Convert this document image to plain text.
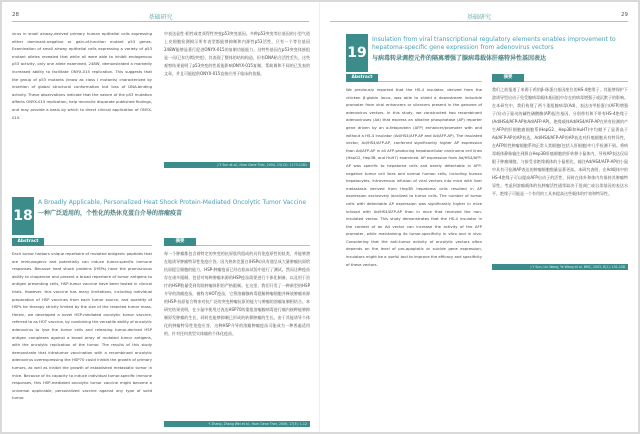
28	基础研究
virus in small airway-derived primary human epithelial cells expressing either dominant-negative or gain-of-function mutant p53 genes. Examination of small airway epithelial cells expressing a variety of p53 mutant alleles revealed that while all were able to inhibit endogenous p53 activity, only one allele examined, 248W, demonstrated a markedly increased ability to facilitate ONYX-015 replication. This suggests that the group of p53 mutants (know as class I mutants) characterized by insertion of global structural conformation but loss of DNA-binding activity. These observations indicate that the nature of the p53 mutation affects ONYX-015 replication, help reconcile disparate published findings, and may provide a basis by which to direct clinical application of ONYX-015.
中表达显性-阴性或者获得性突变p53突变基因。多种p53突变等位基因的小型气道上皮细胞检测揭示所有表型都能够抑制和内源性p53活性，只有一个等位基因248W能够显著行促进ONYX-015的复制功能能力。这特些基因在p53突变体族组是一员(已知为I级突变)，其表现了整体的结构构造，但有DNA粘合活性丢失。这些观察结果说明了p53突变的性质能影响ONYX-015复制，帮助调和不同的已发表的文章，并且可能提供ONYX-015直接应用于临床的依据。
J Y Sun et al., Hum Gene Ther, 2004, 15(12): 1173-1181
18
A Broadly Applicable, Personalized Heat Shock Protein-Mediated Oncolytic Tumor Vaccine
一种广泛适用的，个性化的热休克蛋白介导的溶瘤疫苗
Abstract	摘要
Each tumor harbors unique repertoire of mutated antigenic peptides that are immunogenic and potentially can induce tumor-specific immune responses. Because heat shock proteins (HSPs) have the promiscuous ability to chaperone and present a broad repertoire of tumor antigens to antigen presenting cells, HSP-tumor vaccine have been tested in clinical trials. However, this vaccine has many limitations, including individual preparation of HSP vaccines from each tumor source, and quantity of HSPs for therapy strictly limited by the size of the resected tumor mass. Herein, we developed a novel HSP-mediated oncolytic tumor vaccine, referred to as HOT vaccine, by combining the versatile ability of oncolytic adenovirus to lyse the tumor cells and releasing tumor-derived HSP antigen complexes against a broad array of mutated tumor antigens, with the oncolytic replication of the tumor. The results of this study demonstrate that intratumor vaccination with a recombinant oncolytic adenovirus overexpressing the HSP70 could inhibit the growth of primary tumors, as well as inhibit the growth of established metastatic tumor in mice. Because of its capacity to induce individual tumor-specific immune responses, this HSP-mediated oncolytic tumor vaccine might become a universal applicable, personalized vaccine against any type of solid tumor.
每一个肿瘤都包含着特定的突变的抗原肽所组成的具有免疫原性的肽类，并能够潜在地诱导肿瘤特异性免疫应答。因为热休克蛋白(HSPs)具有递呈成大量肿瘤抗原给抗原提呈细胞的能力，HSP-肿瘤疫苗已经在临床试验中进行了测试。然而这种疫苗存在诸多限制，包括对每种肿瘤来源的HSP疫苗需要进行个体化制备，以及用于治疗的HSP数量受到切除肿瘤体积的严格限制。在这里，我们开发了一种新型的HSP介导的溶瘤疫苗，被称为HOT疫苗，它将溶瘤腺病毒裂解肿瘤细胞并释放肿瘤来源的HSP-抗原复合物来对抗广泛的突变肿瘤抗原的能力与肿瘤的溶瘤复制相结合。本研究结果表明，在小鼠中使用过表达HSP70的重组溶瘤腺病毒进行瘤内接种能够抑制原发肿瘤的生长，同时也能够抑制已形成的转移肿瘤的生长。由于其能诱导个体化的肿瘤特异性免疫应答，这种HSP介导的溶瘤肿瘤疫苗可能成为一种普遍适用的、针对任何类型实体瘤的个体化疫苗。
Y Zhang, Zhang Wei et al., Hum Gene Ther, 2006, 17(3): 1-12
基础研究	29
19
Insulation from viral transcriptional regulatory elements enables improvement to hepatoma-specific gene expression from adenovirus vectors
与病毒转录调控元件的隔离增强了腺病毒载体肝癌特异性基因表达
Abstract	摘要
We previously reported that the HS-4 insulator, derived from the chicken β-globin locus, was able to shield a downstream inducible promoter from viral enhancers or silencers present in the genome of adenovirus vectors. In this study, we constructed two recombinant adenoviruses (Ad) that express an alkaline phosphatase (AP) reporter gene driven by an α-fetoprotein (AFP) enhancer/promoter with and without a HS-4 insulator (Ad/HS4/AFP-AP and Ad/AFP-AP). The insulated vector, Ad/HS4/AFP-AP, conferred significantly higher AP expression than Ad/AFP-AP in all AFP-producing hepatocellular carcinoma cell lines (HepG2, Hep3B, and HuH7) examined. AP expression from Ad/HS4/AFP-AP was specific to hepatoma cells and barely detectable in AFP-negative tumor cell lines and normal human cells, including human hepatocytes. Intravenous infusion of viral vectors into mice with liver metastasis derived from Hep3B hepatoma cells resulted in AP expression exclusively localized to tumor cells. The number of tumor cells with detectable AP expression was significantly higher in mice infused with Ad/HS4/AFP-AP than in mice that received the non-insulated vector. This study demonstrates that the HS-4 insulator in the context of an Ad vector can increase the activity of the AFP promoter, while maintaining its tumor-specificity in vitro and in vivo. Considering that the anti-tumor activity of oncolytic vectors often depends on the level of pro-apoptotic or suicide gene expression, insulators might be a useful tool to improve the efficacy and specificity of these vectors.
我们之前报道了来源于鸡的β-珠蛋白基因座位的HS-4绝缘子，其能够保护下游诱导型启动子免受腺病毒载体基因组中存在的病毒增强子或沉默子的影响。在本研究中，我们构建了两个重组腺病毒(Ad)，表达由甲胎蛋白(AFP)增强子/启动子驱动的碱性磷酸酶(AP)报告基因，分别带有和不带有HS-4绝缘子(Ad/HS4/AFP-AP和Ad/AFP-AP)。绝缘载体Ad/HS4/AFP-AP在所有检测的产生AFP的肝细胞癌细胞系(HepG2、Hep3B和HuH7)中均赋予了显著高于Ad/AFP-AP的AP表达。Ad/HS4/AFP-AP的AP表达对肝癌细胞具有特异性，在AFP阴性肿瘤细胞系和正常人类细胞(包括人肝细胞)中几乎检测不到。将病毒载体静脉输注到源自Hep3B肝癌细胞的肝转移小鼠体内，导致AP表达仅局限于肿瘤细胞。与接受非绝缘载体的小鼠相比，输注Ad/HS4/AFP-AP的小鼠中具有可检测AP表达的肿瘤细胞数量显著更高。本研究表明，在Ad载体中的HS-4绝缘子可以提高AFP启动子的活性，同时在体外和体内均保持其肿瘤特异性。考虑到溶瘤载体的抗肿瘤活性通常取决于促凋亡或自杀基因的表达水平，绝缘子可能是一个有用的工具来提高这些载体的疗效和特异性。
J Y Sun, Lin Wang, Ye Wang et al. BMC, 2003, 8(1): 101-108
